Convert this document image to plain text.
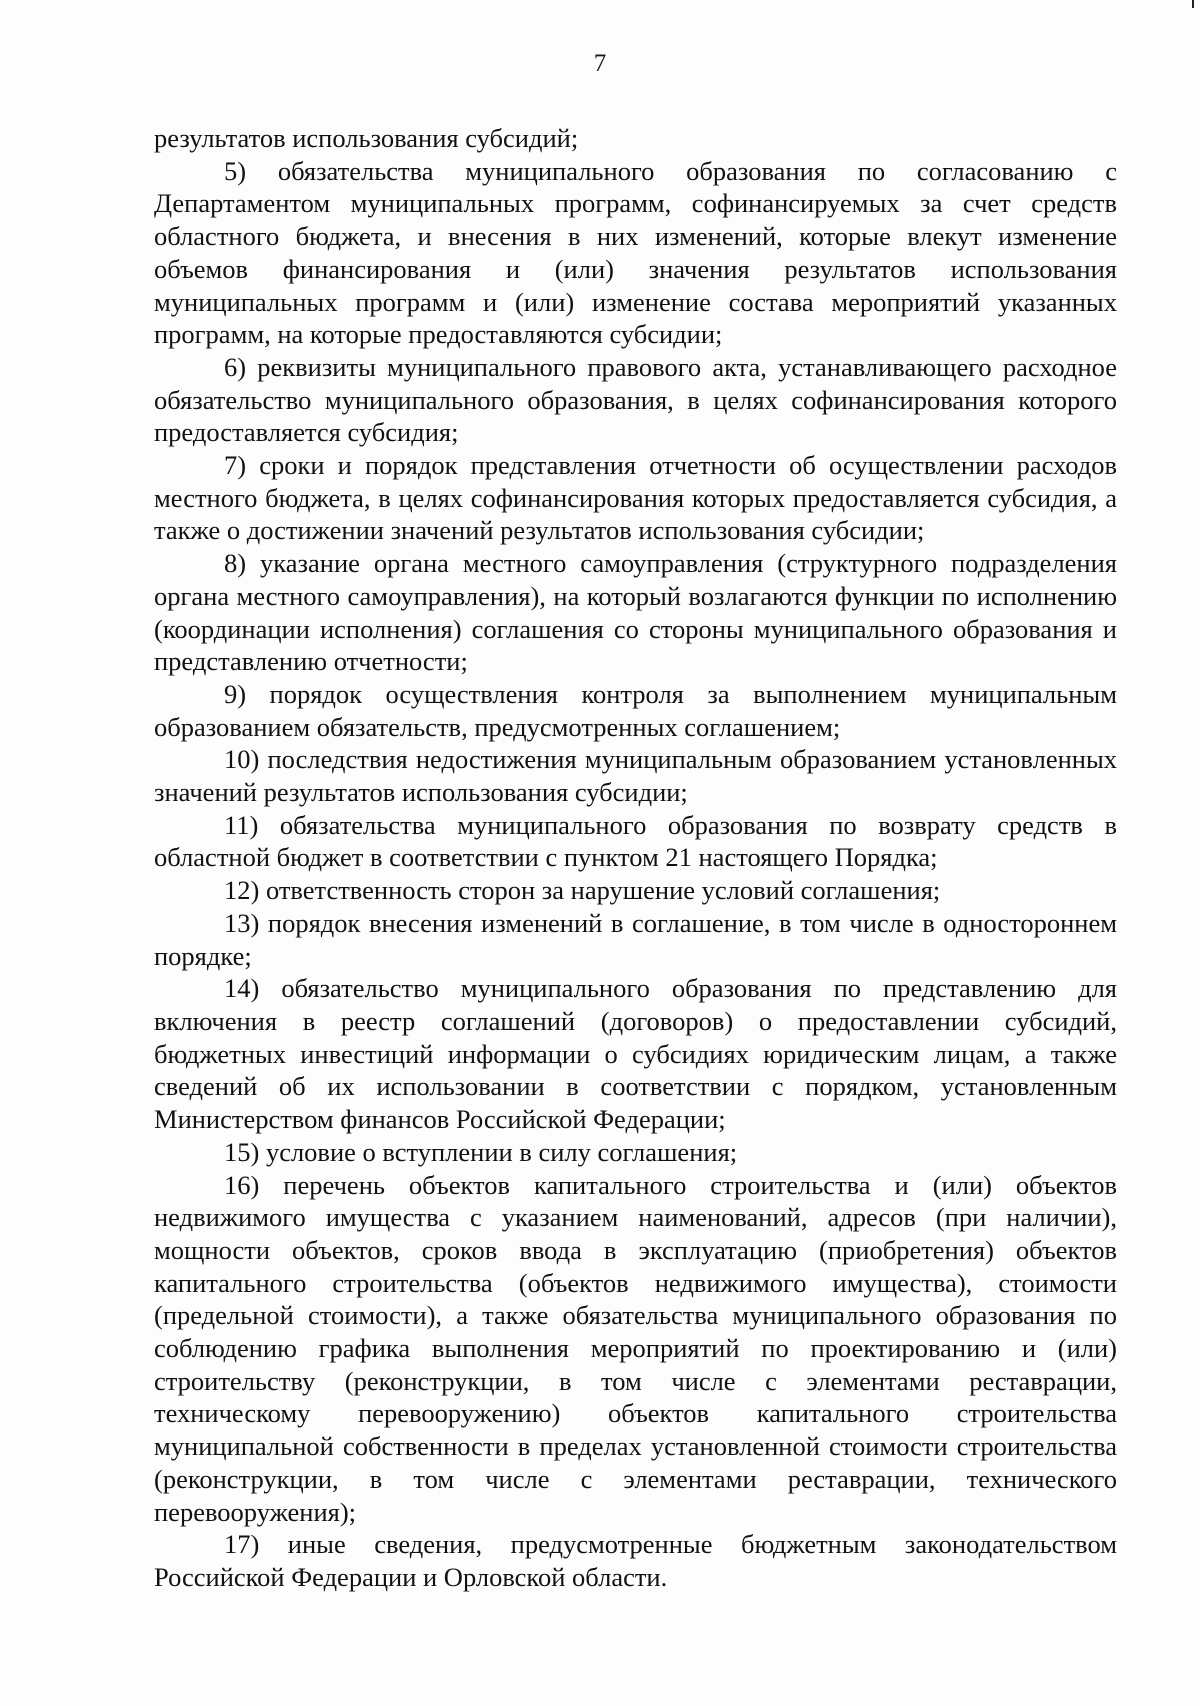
7

результатов использования субсидий;

5) обязательства муниципального образования по согласованию с Департаментом муниципальных программ, софинансируемых за счет средств областного бюджета, и внесения в них изменений, которые влекут изменение объемов финансирования и (или) значения результатов использования муниципальных программ и (или) изменение состава мероприятий указанных программ, на которые предоставляются субсидии;

6) реквизиты муниципального правового акта, устанавливающего расходное обязательство муниципального образования, в целях софинансирования которого предоставляется субсидия;

7) сроки и порядок представления отчетности об осуществлении расходов местного бюджета, в целях софинансирования которых предоставляется субсидия, а также о достижении значений результатов использования субсидии;

8) указание органа местного самоуправления (структурного подразделения органа местного самоуправления), на который возлагаются функции по исполнению (координации исполнения) соглашения со стороны муниципального образования и представлению отчетности;

9) порядок осуществления контроля за выполнением муниципальным образованием обязательств, предусмотренных соглашением;

10) последствия недостижения муниципальным образованием установленных значений результатов использования субсидии;

11) обязательства муниципального образования по возврату средств в областной бюджет в соответствии с пунктом 21 настоящего Порядка;

12) ответственность сторон за нарушение условий соглашения;

13) порядок внесения изменений в соглашение, в том числе в одностороннем порядке;

14) обязательство муниципального образования по представлению для включения в реестр соглашений (договоров) о предоставлении субсидий, бюджетных инвестиций информации о субсидиях юридическим лицам, а также сведений об их использовании в соответствии с порядком, установленным Министерством финансов Российской Федерации;

15) условие о вступлении в силу соглашения;

16) перечень объектов капитального строительства и (или) объектов недвижимого имущества с указанием наименований, адресов (при наличии), мощности объектов, сроков ввода в эксплуатацию (приобретения) объектов капитального строительства (объектов недвижимого имущества), стоимости (предельной стоимости), а также обязательства муниципального образования по соблюдению графика выполнения мероприятий по проектированию и (или) строительству (реконструкции, в том числе с элементами реставрации, техническому перевооружению) объектов капитального строительства муниципальной собственности в пределах установленной стоимости строительства (реконструкции, в том числе с элементами реставрации, технического перевооружения);

17) иные сведения, предусмотренные бюджетным законодательством Российской Федерации и Орловской области.
